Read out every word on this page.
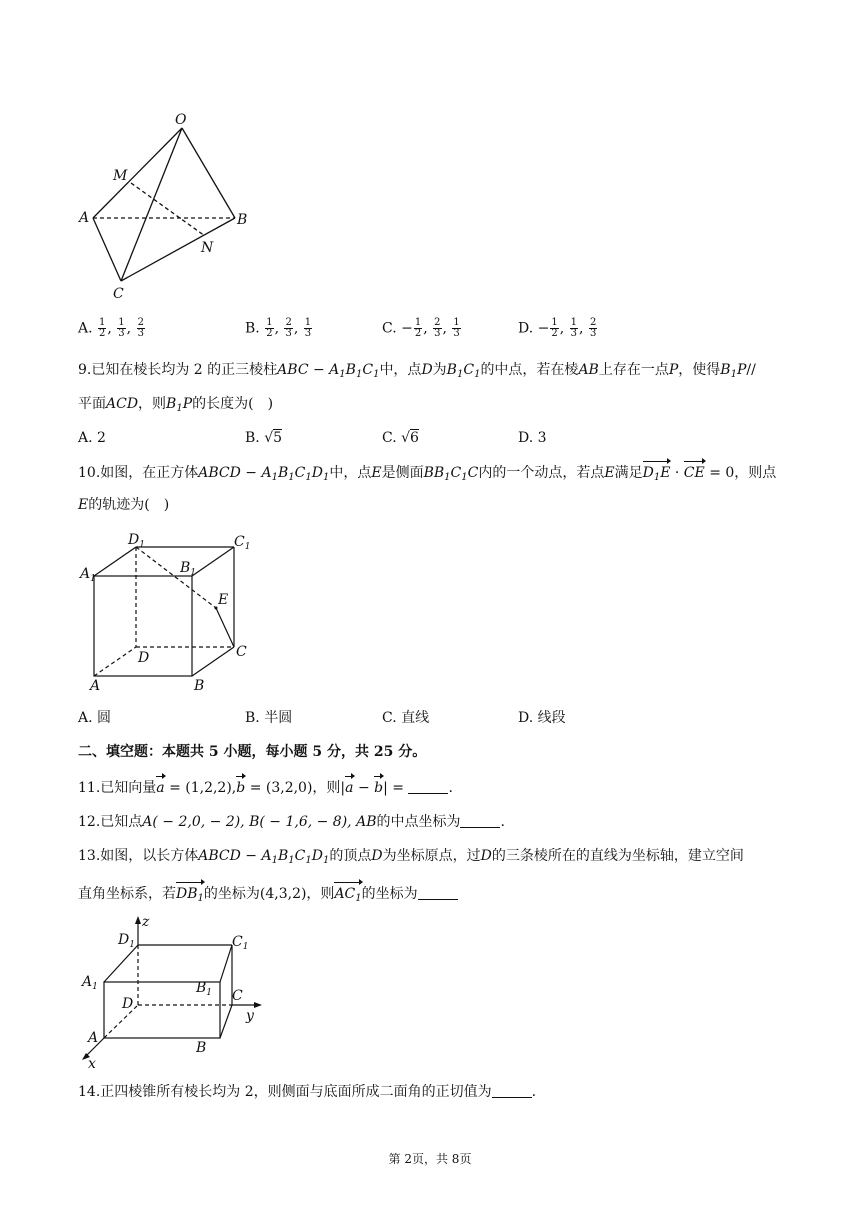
O
M
A	B
N
C
A. $\frac{1}{2}$ , $\frac{1}{3}$ , $\frac{2}{3}$	B. $\frac{1}{2}$ , $\frac{2}{3}$ , $\frac{1}{3}$	C. − $\frac{1}{2}$ , $\frac{2}{3}$ , $\frac{1}{3}$	D. − $\frac{1}{2}$ , $\frac{1}{3}$ , $\frac{2}{3}$
9.已知在棱长均为 2 的正三棱柱ABC − $A_1B_1C_1$中，点D为$B_1C_1$的中点，若在棱AB上存在一点P，使得$B_1P//$
平面ACD，则$B_1P$的长度为(　)
A. 2	B. √5	C. √6	D. 3
10.如图，在正方体ABCD − $A_1B_1C_1D_1$中，点E是侧面$BB_1C_1C$内的一个动点，若点E满足$D_1E$ · CE = 0，则点
E的轨迹为(　)
$D_1$	$C_1$
$A_1$
$B_1$
E
D	C
A	B
A. 圆	B. 半圆	C. 直线	D. 线段
二、填空题：本题共 5 小题，每小题 5 分，共 25 分。
11.已知向量a = (1,2,2),b = (3,2,0)，则|a − b| =	.
12.已知点A( − 2,0, − 2), B( − 1,6, − 8), AB的中点坐标为	.
13.如图，以长方体ABCD − $A_1B_1C_1D_1$的顶点D为坐标原点，过D的三条棱所在的直线为坐标轴，建立空间
直角坐标系，若$DB_1$的坐标为(4,3,2)，则$AC_1$的坐标为
z
$D_1$	$C_1$
$A_1$	$B_1$
D	C
y
A
B
x
14.正四棱锥所有棱长均为 2，则侧面与底面所成二面角的正切值为	.
第 2页，共 8页
